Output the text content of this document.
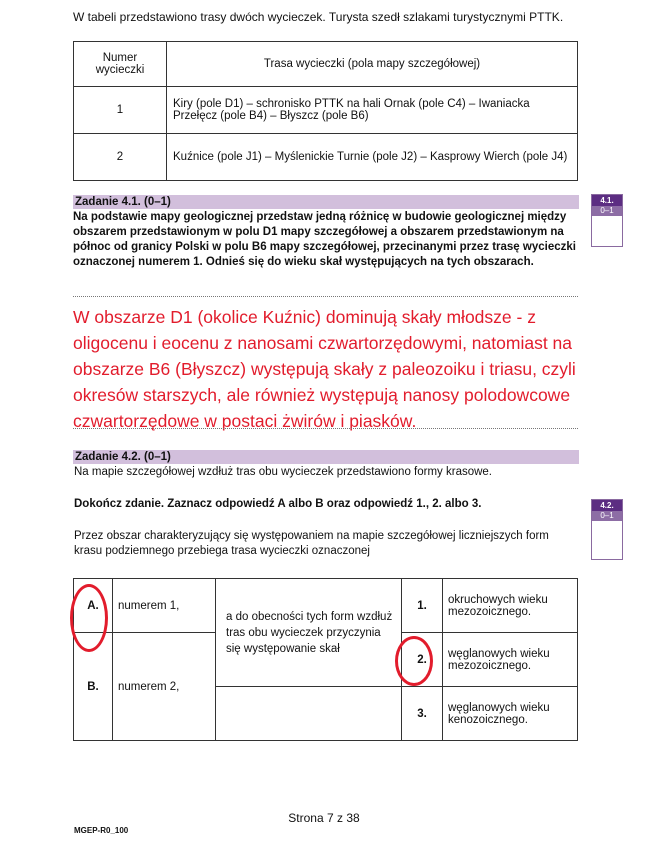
W tabeli przedstawiono trasy dwóch wycieczek. Turysta szedł szlakami turystycznymi PTTK.
Numer wycieczki	Trasa wycieczki (pola mapy szczegółowej)
1	Kiry (pole D1) – schronisko PTTK na hali Ornak (pole C4) – Iwaniacka Przełęcz (pole B4) – Błyszcz (pole B6)
2	Kuźnice (pole J1) – Myślenickie Turnie (pole J2) – Kasprowy Wierch (pole J4)
Zadanie 4.1. (0–1)
Na podstawie mapy geologicznej przedstaw jedną różnicę w budowie geologicznej między obszarem przedstawionym w polu D1 mapy szczegółowej a obszarem przedstawionym na północ od granicy Polski w polu B6 mapy szczegółowej, przecinanymi przez trasę wycieczki oznaczonej numerem 1. Odnieś się do wieku skał występujących na tych obszarach.
4.1.
0–1
W obszarze D1 (okolice Kuźnic) dominują skały młodsze - z oligocenu i eocenu z nanosami czwartorzędowymi, natomiast na obszarze B6 (Błyszcz) występują skały z paleozoiku i triasu, czyli okresów starszych, ale również występują nanosy polodowcowe czwartorzędowe w postaci żwirów i piasków.
Zadanie 4.2. (0–1)
Na mapie szczegółowej wzdłuż tras obu wycieczek przedstawiono formy krasowe.
Dokończ zdanie. Zaznacz odpowiedź A albo B oraz odpowiedź 1., 2. albo 3.
Przez obszar charakteryzujący się występowaniem na mapie szczegółowej liczniejszych form krasu podziemnego przebiega trasa wycieczki oznaczonej
4.2.
0–1
A.	numerem 1,	a do obecności tych form wzdłuż tras obu wycieczek przyczynia się występowanie skał	1.	okruchowych wieku mezozoicznego.
B.	numerem 2,		2.	węglanowych wieku mezozoicznego.
			3.	węglanowych wieku kenozoicznego.
Strona 7 z 38
MGEP-R0_100
